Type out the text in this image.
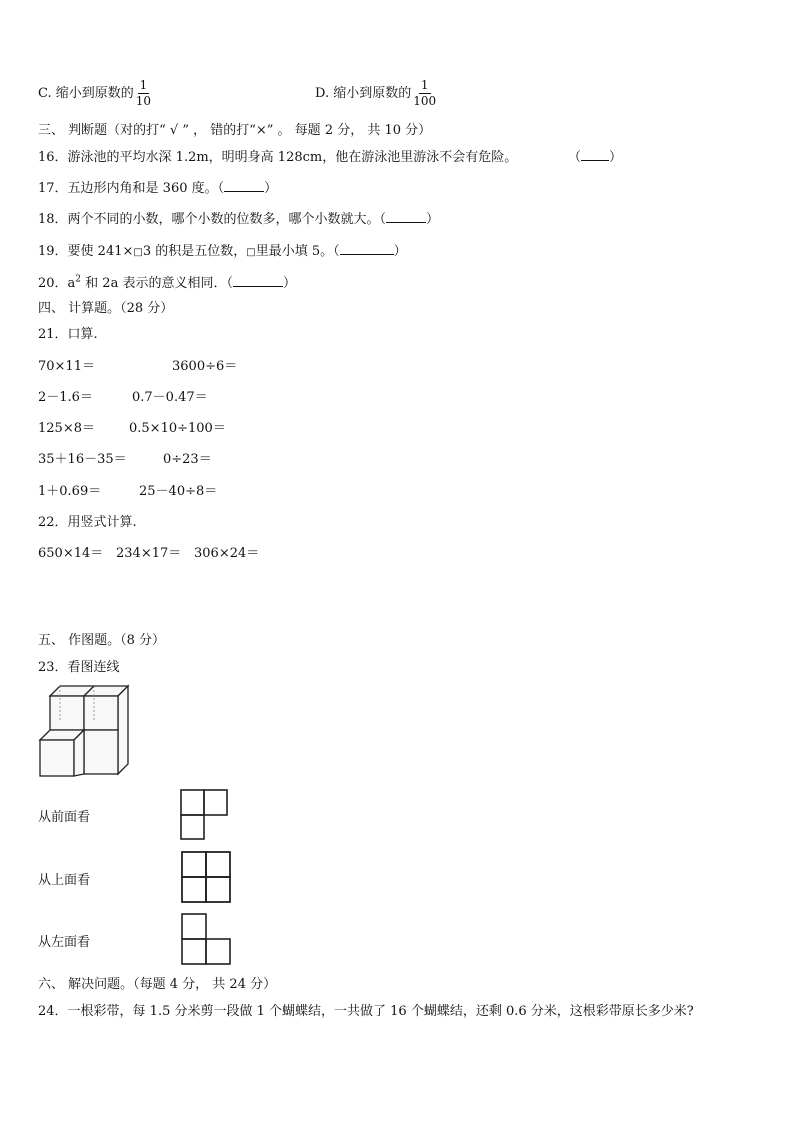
C. 缩小到原数的 $\frac{1}{10}$	D. 缩小到原数的 $\frac{1}{100}$
三、 判断题（对的打“ √ ” ， 错的打“×” 。 每题 2 分， 共 10 分）
16．游泳池的平均水深 1.2m，明明身高 128cm，他在游泳池里游泳不会有危险。	（ ）
17．五边形内角和是 360 度。（	）
18．两个不同的小数，哪个小数的位数多，哪个小数就大。（	）
19．要使 241×□3 的积是五位数，□里最小填 5。（	）
20．$a^2$ 和 2a 表示的意义相同．（	）
四、 计算题。（28 分）
21．口算.
70×11＝	3600÷6＝
2－1.6＝	0.7－0.47＝
125×8＝	0.5×10÷100＝
35＋16－35＝	0÷23＝
1＋0.69＝	25－40÷8＝
22．用竖式计算.
650×14＝ 234×17＝ 306×24＝
五、 作图题。（8 分）
23．看图连线
从前面看
从上面看
从左面看
六、 解决问题。（每题 4 分， 共 24 分）
24．一根彩带，每 1.5 分米剪一段做 1 个蝴蝶结，一共做了 16 个蝴蝶结，还剩 0.6 分米，这根彩带原长多少米?
